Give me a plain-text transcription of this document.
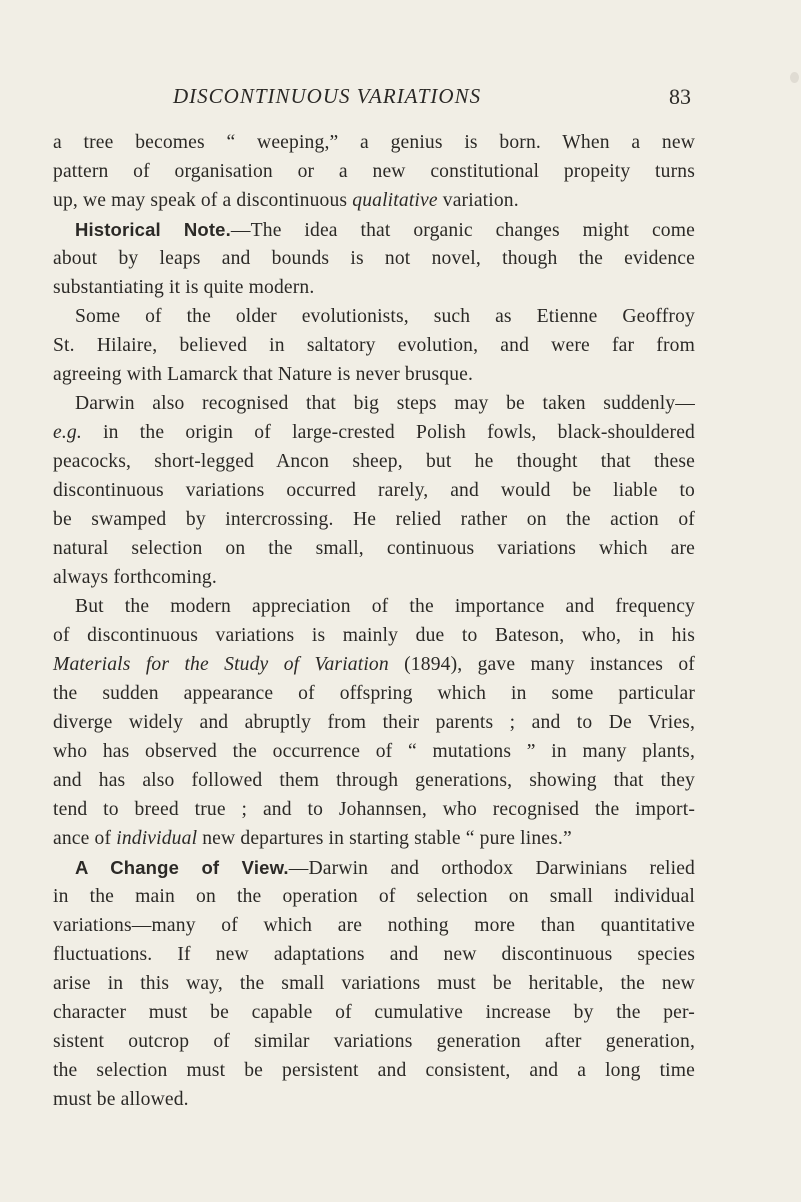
DISCONTINUOUS VARIATIONS	83
a tree becomes “ weeping,” a genius is born. When a new
pattern of organisation or a new constitutional propeity turns
up, we may speak of a discontinuous qualitative variation.
Historical Note.—The idea that organic changes might come
about by leaps and bounds is not novel, though the evidence
substantiating it is quite modern.
Some of the older evolutionists, such as Etienne Geoffroy
St. Hilaire, believed in saltatory evolution, and were far from
agreeing with Lamarck that Nature is never brusque.
Darwin also recognised that big steps may be taken suddenly—
e.g. in the origin of large-crested Polish fowls, black-shouldered
peacocks, short-legged Ancon sheep, but he thought that these
discontinuous variations occurred rarely, and would be liable to
be swamped by intercrossing. He relied rather on the action of
natural selection on the small, continuous variations which are
always forthcoming.
But the modern appreciation of the importance and frequency
of discontinuous variations is mainly due to Bateson, who, in his
Materials for the Study of Variation (1894), gave many instances of
the sudden appearance of offspring which in some particular
diverge widely and abruptly from their parents ; and to De Vries,
who has observed the occurrence of “ mutations ” in many plants,
and has also followed them through generations, showing that they
tend to breed true ; and to Johannsen, who recognised the import-
ance of individual new departures in starting stable “ pure lines.”
A Change of View.—Darwin and orthodox Darwinians relied
in the main on the operation of selection on small individual
variations—many of which are nothing more than quantitative
fluctuations. If new adaptations and new discontinuous species
arise in this way, the small variations must be heritable, the new
character must be capable of cumulative increase by the per-
sistent outcrop of similar variations generation after generation,
the selection must be persistent and consistent, and a long time
must be allowed.
